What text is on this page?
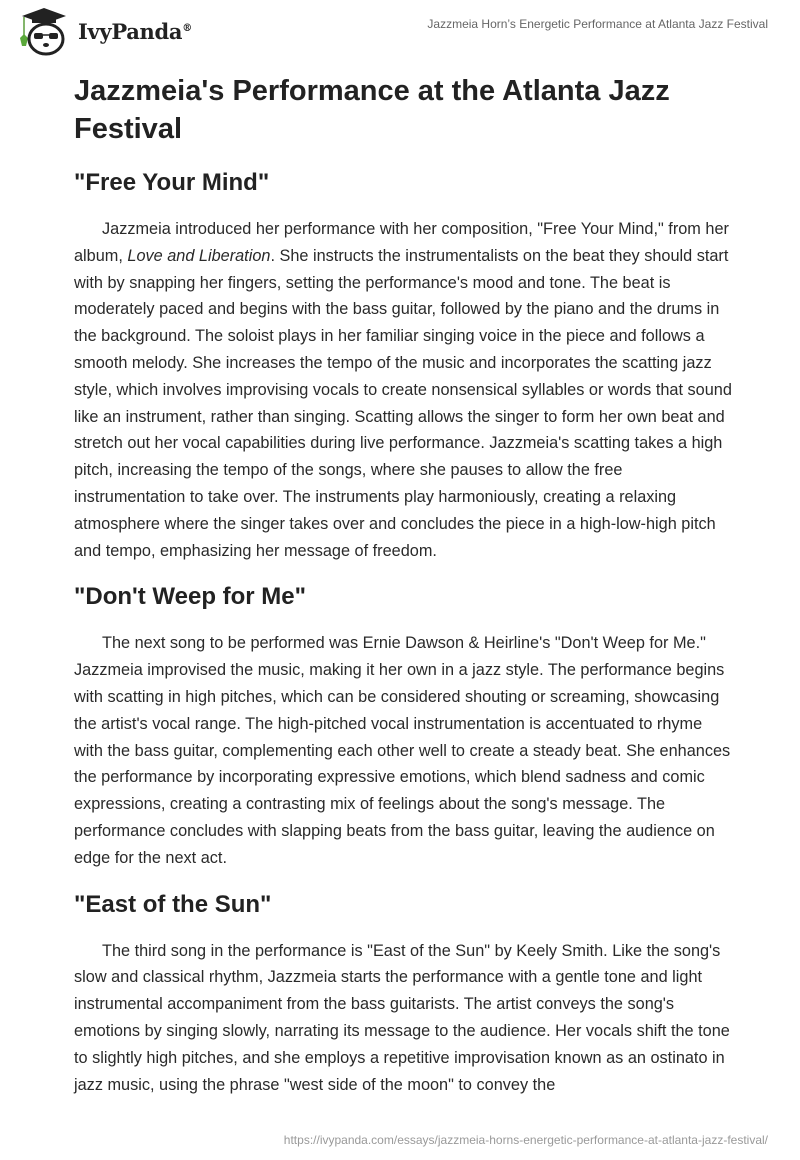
IvyPanda®	Jazzmeia Horn’s Energetic Performance at Atlanta Jazz Festival
Jazzmeia's Performance at the Atlanta Jazz Festival
"Free Your Mind"

Jazzmeia introduced her performance with her composition, "Free Your Mind," from her album, Love and Liberation. She instructs the instrumentalists on the beat they should start with by snapping her fingers, setting the performance's mood and tone. The beat is moderately paced and begins with the bass guitar, followed by the piano and the drums in the background. The soloist plays in her familiar singing voice in the piece and follows a smooth melody. She increases the tempo of the music and incorporates the scatting jazz style, which involves improvising vocals to create nonsensical syllables or words that sound like an instrument, rather than singing. Scatting allows the singer to form her own beat and stretch out her vocal capabilities during live performance. Jazzmeia's scatting takes a high pitch, increasing the tempo of the songs, where she pauses to allow the free instrumentation to take over. The instruments play harmoniously, creating a relaxing atmosphere where the singer takes over and concludes the piece in a high-low-high pitch and tempo, emphasizing her message of freedom.

"Don't Weep for Me"

The next song to be performed was Ernie Dawson & Heirline's "Don't Weep for Me." Jazzmeia improvised the music, making it her own in a jazz style. The performance begins with scatting in high pitches, which can be considered shouting or screaming, showcasing the artist's vocal range. The high-pitched vocal instrumentation is accentuated to rhyme with the bass guitar, complementing each other well to create a steady beat. She enhances the performance by incorporating expressive emotions, which blend sadness and comic expressions, creating a contrasting mix of feelings about the song's message. The performance concludes with slapping beats from the bass guitar, leaving the audience on edge for the next act.

"East of the Sun"

The third song in the performance is "East of the Sun" by Keely Smith. Like the song's slow and classical rhythm, Jazzmeia starts the performance with a gentle tone and light instrumental accompaniment from the bass guitarists. The artist conveys the song's emotions by singing slowly, narrating its message to the audience. Her vocals shift the tone to slightly high pitches, and she employs a repetitive improvisation known as an ostinato in jazz music, using the phrase "west side of the moon" to convey the

https://ivypanda.com/essays/jazzmeia-horns-energetic-performance-at-atlanta-jazz-festival/
